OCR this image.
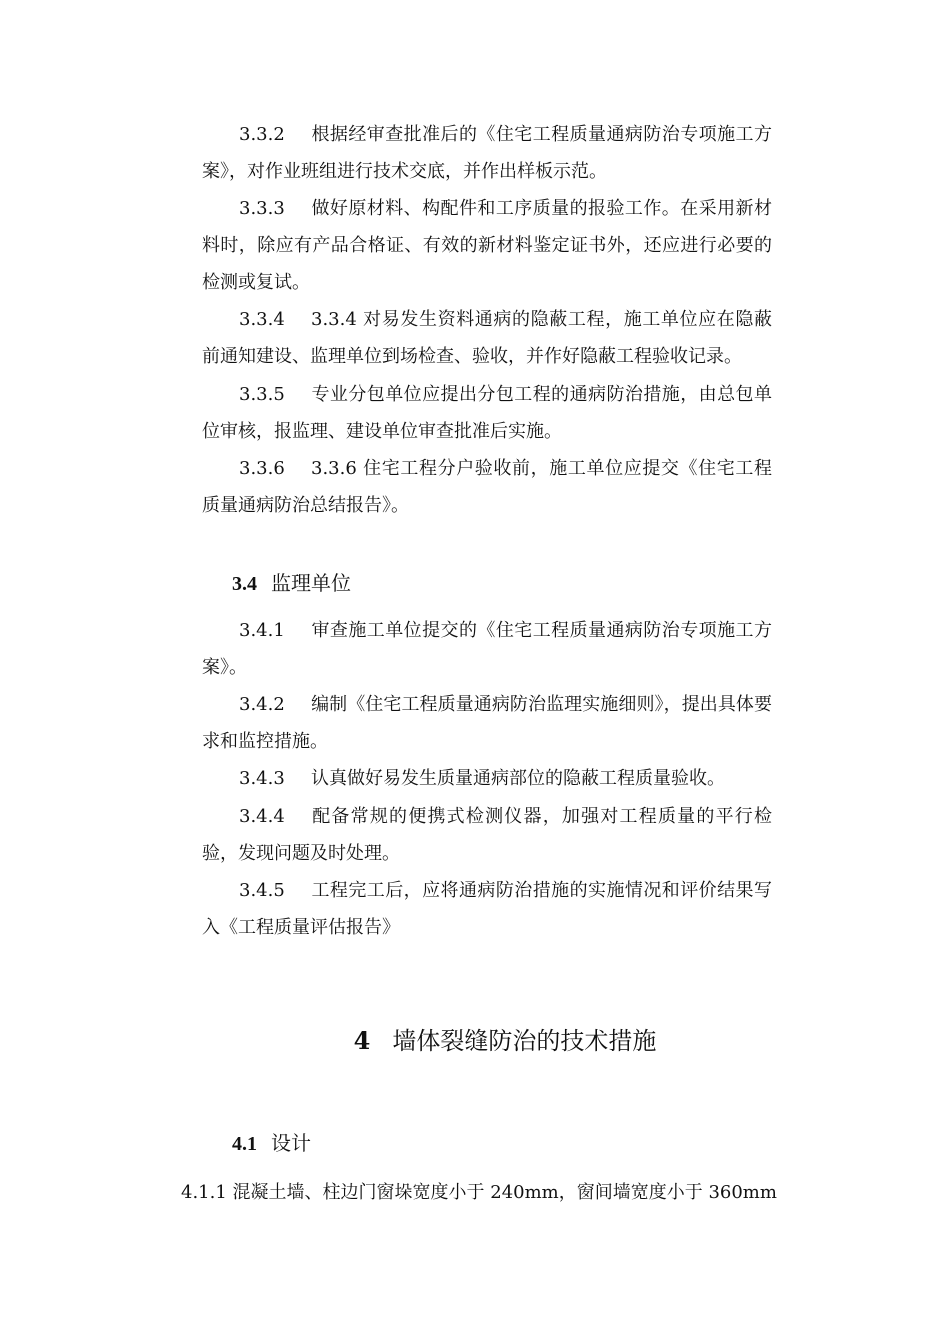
3.3.2 根据经审查批准后的《住宅工程质量通病防治专项施工方案》，对作业班组进行技术交底，并作出样板示范。

3.3.3 做好原材料、构配件和工序质量的报验工作。在采用新材料时，除应有产品合格证、有效的新材料鉴定证书外，还应进行必要的检测或复试。

3.3.4 3.3.4 对易发生资料通病的隐蔽工程，施工单位应在隐蔽前通知建设、监理单位到场检查、验收，并作好隐蔽工程验收记录。

3.3.5 专业分包单位应提出分包工程的通病防治措施，由总包单位审核，报监理、建设单位审查批准后实施。

3.3.6 3.3.6 住宅工程分户验收前，施工单位应提交《住宅工程质量通病防治总结报告》。

3.4 监理单位

3.4.1 审查施工单位提交的《住宅工程质量通病防治专项施工方案》。

3.4.2 编制《住宅工程质量通病防治监理实施细则》，提出具体要求和监控措施。

3.4.3 认真做好易发生质量通病部位的隐蔽工程质量验收。

3.4.4 配备常规的便携式检测仪器，加强对工程质量的平行检验，发现问题及时处理。

3.4.5 工程完工后，应将通病防治措施的实施情况和评价结果写入《工程质量评估报告》

4 墙体裂缝防治的技术措施

4.1 设计

4.1.1 混凝土墙、柱边门窗垛宽度小于 240mm，窗间墙宽度小于 360mm
